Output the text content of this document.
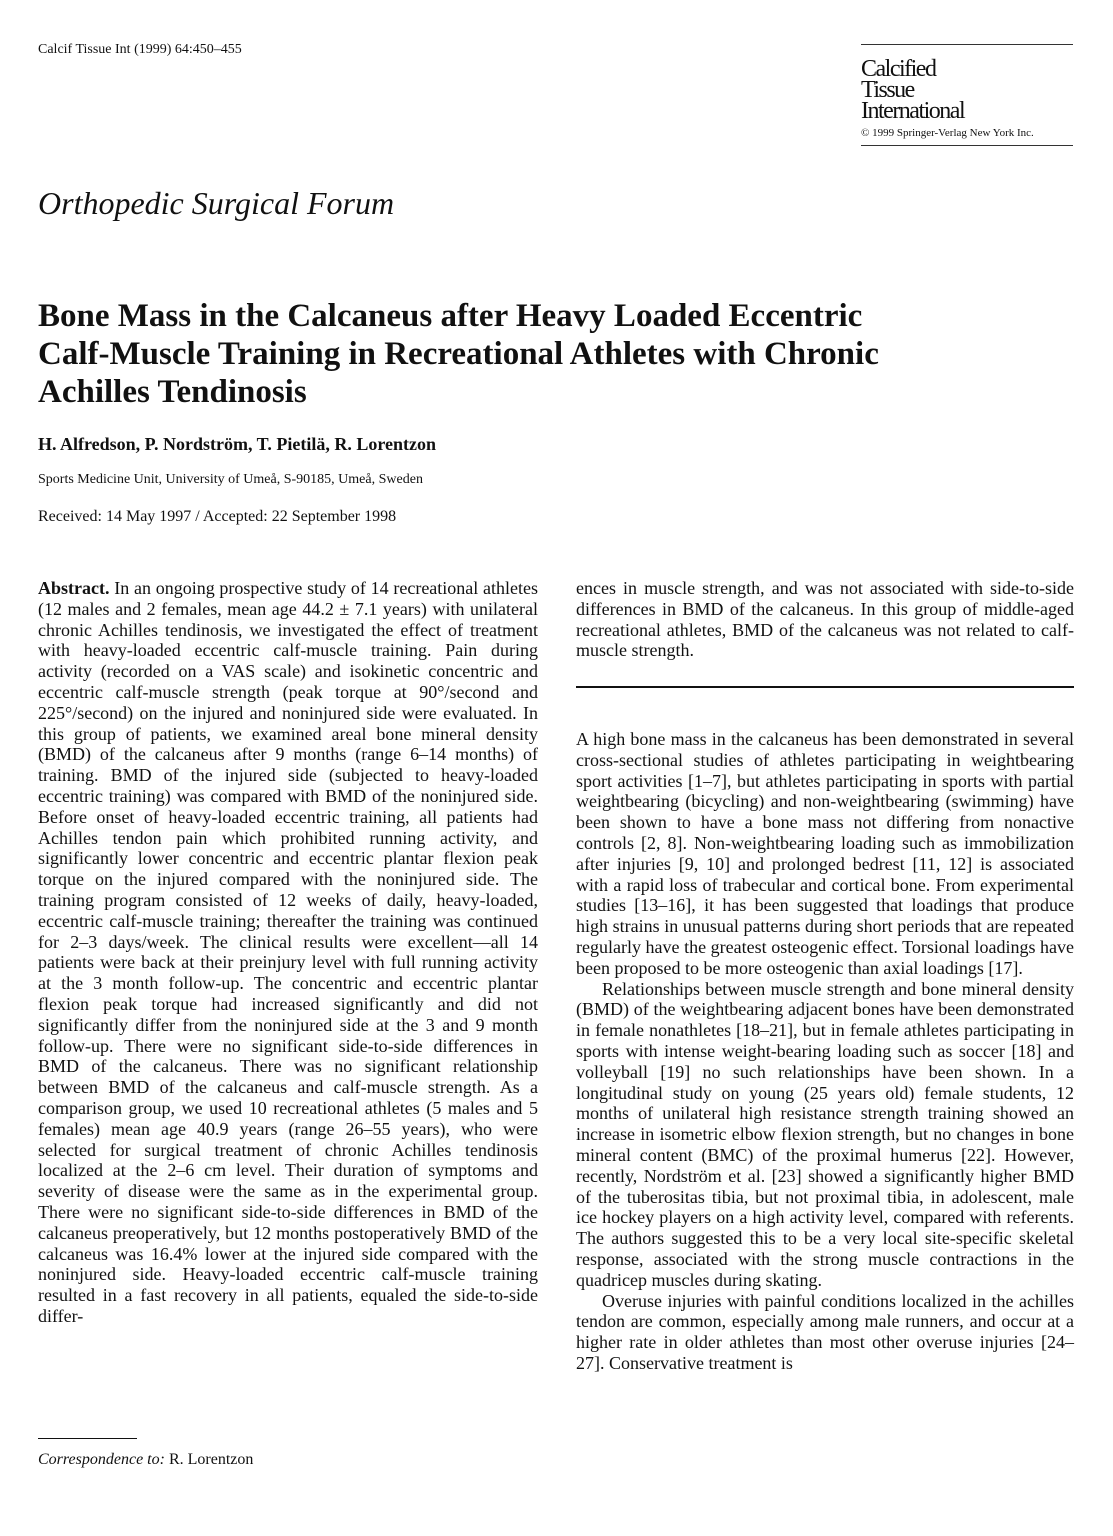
Calcif Tissue Int (1999) 64:450–455
Calcified
Tissue
International
© 1999 Springer-Verlag New York Inc.
Orthopedic Surgical Forum
Bone Mass in the Calcaneus after Heavy Loaded Eccentric
Calf-Muscle Training in Recreational Athletes with Chronic
Achilles Tendinosis
H. Alfredson, P. Nordström, T. Pietilä, R. Lorentzon
Sports Medicine Unit, University of Umeå, S-90185, Umeå, Sweden
Received: 14 May 1997 / Accepted: 22 September 1998

Abstract. In an ongoing prospective study of 14 recreational athletes (12 males and 2 females, mean age 44.2 ± 7.1 years) with unilateral chronic Achilles tendinosis, we investigated the effect of treatment with heavy-loaded eccentric calf-muscle training. Pain during activity (recorded on a VAS scale) and isokinetic concentric and eccentric calf-muscle strength (peak torque at 90°/second and 225°/second) on the injured and noninjured side were evaluated. In this group of patients, we examined areal bone mineral density (BMD) of the calcaneus after 9 months (range 6–14 months) of training. BMD of the injured side (subjected to heavy-loaded eccentric training) was compared with BMD of the noninjured side. Before onset of heavy-loaded eccentric training, all patients had Achilles tendon pain which prohibited running activity, and significantly lower concentric and eccentric plantar flexion peak torque on the injured compared with the noninjured side. The training program consisted of 12 weeks of daily, heavy-loaded, eccentric calf-muscle training; thereafter the training was continued for 2–3 days/week. The clinical results were excellent—all 14 patients were back at their preinjury level with full running activity at the 3 month follow-up. The concentric and eccentric plantar flexion peak torque had increased significantly and did not significantly differ from the noninjured side at the 3 and 9 month follow-up. There were no significant side-to-side differences in BMD of the calcaneus. There was no significant relationship between BMD of the calcaneus and calf-muscle strength. As a comparison group, we used 10 recreational athletes (5 males and 5 females) mean age 40.9 years (range 26–55 years), who were selected for surgical treatment of chronic Achilles tendinosis localized at the 2–6 cm level. Their duration of symptoms and severity of disease were the same as in the experimental group. There were no significant side-to-side differences in BMD of the calcaneus preoperatively, but 12 months postoperatively BMD of the calcaneus was 16.4% lower at the injured side compared with the noninjured side. Heavy-loaded eccentric calf-muscle training resulted in a fast recovery in all patients, equaled the side-to-side differ-

ences in muscle strength, and was not associated with side-to-side differences in BMD of the calcaneus. In this group of middle-aged recreational athletes, BMD of the calcaneus was not related to calf-muscle strength.

A high bone mass in the calcaneus has been demonstrated in several cross-sectional studies of athletes participating in weightbearing sport activities [1–7], but athletes participating in sports with partial weightbearing (bicycling) and non-weightbearing (swimming) have been shown to have a bone mass not differing from nonactive controls [2, 8]. Non-weightbearing loading such as immobilization after injuries [9, 10] and prolonged bedrest [11, 12] is associated with a rapid loss of trabecular and cortical bone. From experimental studies [13–16], it has been suggested that loadings that produce high strains in unusual patterns during short periods that are repeated regularly have the greatest osteogenic effect. Torsional loadings have been proposed to be more osteogenic than axial loadings [17].

Relationships between muscle strength and bone mineral density (BMD) of the weightbearing adjacent bones have been demonstrated in female nonathletes [18–21], but in female athletes participating in sports with intense weight-bearing loading such as soccer [18] and volleyball [19] no such relationships have been shown. In a longitudinal study on young (25 years old) female students, 12 months of unilateral high resistance strength training showed an increase in isometric elbow flexion strength, but no changes in bone mineral content (BMC) of the proximal humerus [22]. However, recently, Nordström et al. [23] showed a significantly higher BMD of the tuberositas tibia, but not proximal tibia, in adolescent, male ice hockey players on a high activity level, compared with referents. The authors suggested this to be a very local site-specific skeletal response, associated with the strong muscle contractions in the quadricep muscles during skating.

Overuse injuries with painful conditions localized in the achilles tendon are common, especially among male runners, and occur at a higher rate in older athletes than most other overuse injuries [24–27]. Conservative treatment is

Correspondence to: R. Lorentzon
